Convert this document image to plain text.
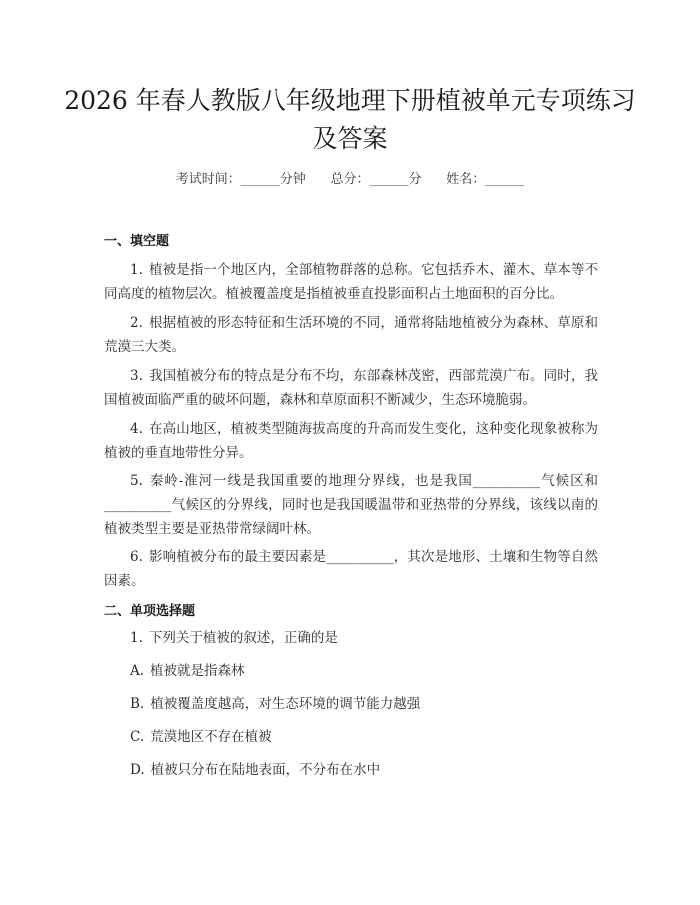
2026 年春人教版八年级地理下册植被单元专项练习及答案
考试时间：______分钟      总分：______分      姓名：______
一、填空题
1. 植被是指一个地区内，全部植物群落的总称。它包括乔木、灌木、草本等不同高度的植物层次。植被覆盖度是指植被垂直投影面积占土地面积的百分比。
2. 根据植被的形态特征和生活环境的不同，通常将陆地植被分为森林、草原和荒漠三大类。
3. 我国植被分布的特点是分布不均，东部森林茂密，西部荒漠广布。同时，我国植被面临严重的破坏问题，森林和草原面积不断减少，生态环境脆弱。
4. 在高山地区，植被类型随海拔高度的升高而发生变化，这种变化现象被称为植被的垂直地带性分异。
5. 秦岭-淮河一线是我国重要的地理分界线，也是我国__________气候区和__________气候区的分界线，同时也是我国暖温带和亚热带的分界线，该线以南的植被类型主要是亚热带常绿阔叶林。
6. 影响植被分布的最主要因素是__________，其次是地形、土壤和生物等自然因素。
二、单项选择题
1. 下列关于植被的叙述，正确的是
A. 植被就是指森林
B. 植被覆盖度越高，对生态环境的调节能力越强
C. 荒漠地区不存在植被
D. 植被只分布在陆地表面，不分布在水中
